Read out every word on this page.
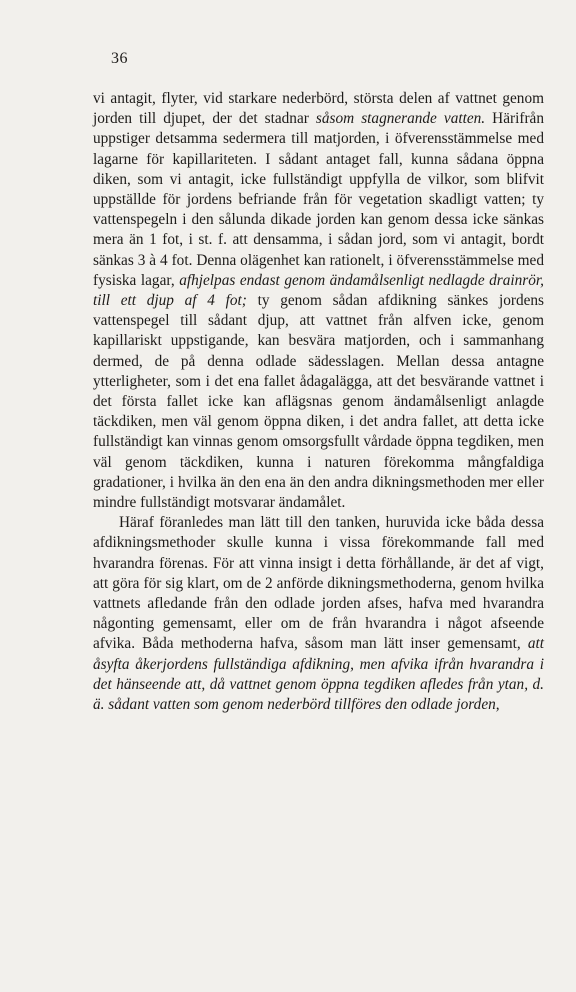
36

vi antagit, flyter, vid starkare nederbörd, största delen af vattnet genom jorden till djupet, der det stadnar såsom stagnerande vatten. Härifrån uppstiger detsamma sedermera till matjorden, i öfverensstämmelse med lagarne för kapillariteten. I sådant antaget fall, kunna sådana öppna diken, som vi antagit, icke fullständigt uppfylla de vilkor, som blifvit uppställde för jordens befriande från för vegetation skadligt vatten; ty vattenspegeln i den sålunda dikade jorden kan genom dessa icke sänkas mera än 1 fot, i st. f. att densamma, i sådan jord, som vi antagit, bordt sänkas 3 à 4 fot. Denna olägenhet kan rationelt, i öfverensstämmelse med fysiska lagar, afhjelpas endast genom ändamålsenligt nedlagde drainrör, till ett djup af 4 fot; ty genom sådan afdikning sänkes jordens vattenspegel till sådant djup, att vattnet från alfven icke, genom kapillariskt uppstigande, kan besvära matjorden, och i sammanhang dermed, de på denna odlade sädesslagen. Mellan dessa antagne ytterligheter, som i det ena fallet ådagalägga, att det besvärande vattnet i det första fallet icke kan aflägsnas genom ändamålsenligt anlagde täckdiken, men väl genom öppna diken, i det andra fallet, att detta icke fullständigt kan vinnas genom omsorgsfullt vårdade öppna tegdiken, men väl genom täckdiken, kunna i naturen förekomma mångfaldiga gradationer, i hvilka än den ena än den andra dikningsmethoden mer eller mindre fullständigt motsvarar ändamålet.

Häraf föranledes man lätt till den tanken, huruvida icke båda dessa afdikningsmethoder skulle kunna i vissa förekommande fall med hvarandra förenas. För att vinna insigt i detta förhållande, är det af vigt, att göra för sig klart, om de 2 anförde dikningsmethoderna, genom hvilka vattnets afledande från den odlade jorden afses, hafva med hvarandra någonting gemensamt, eller om de från hvarandra i något afseende afvika. Båda methoderna hafva, såsom man lätt inser gemensamt, att åsyfta åkerjordens fullständiga afdikning, men afvika ifrån hvarandra i det hänseende att, då vattnet genom öppna tegdiken afledes från ytan, d. ä. sådant vatten som genom nederbörd tillföres den odlade jorden,
